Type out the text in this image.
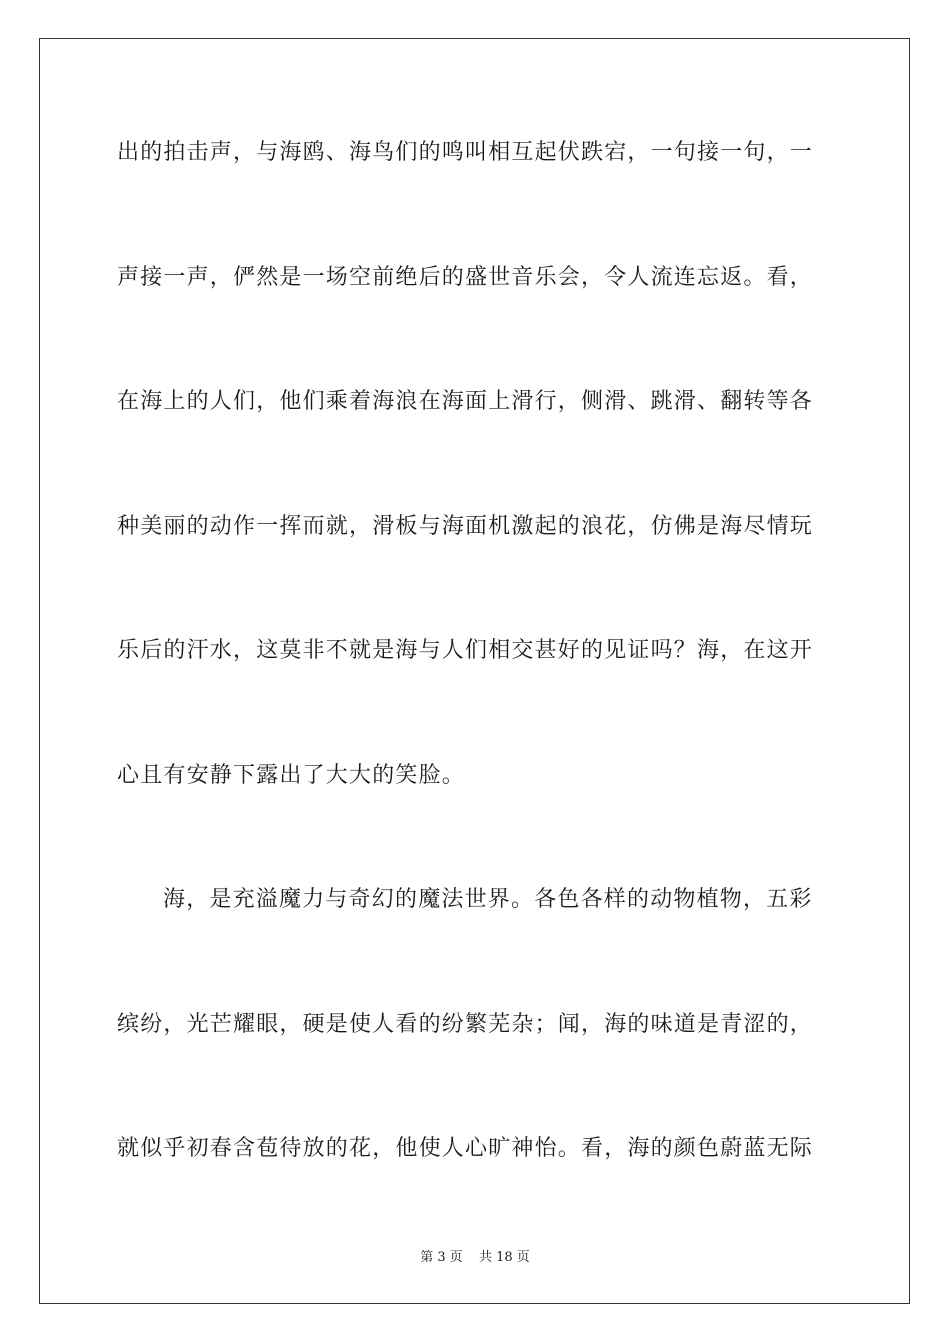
出的拍击声，与海鸥、海鸟们的鸣叫相互起伏跌宕，一句接一句，一
声接一声，俨然是一场空前绝后的盛世音乐会，令人流连忘返。看，
在海上的人们，他们乘着海浪在海面上滑行，侧滑、跳滑、翻转等各
种美丽的动作一挥而就，滑板与海面机激起的浪花，仿佛是海尽情玩
乐后的汗水，这莫非不就是海与人们相交甚好的见证吗？海，在这开
心且有安静下露出了大大的笑脸。
海，是充溢魔力与奇幻的魔法世界。各色各样的动物植物，五彩
缤纷，光芒耀眼，硬是使人看的纷繁芜杂；闻，海的味道是青涩的，
就似乎初春含苞待放的花，他使人心旷神怡。看，海的颜色蔚蓝无际
第 3 页 共 18 页
